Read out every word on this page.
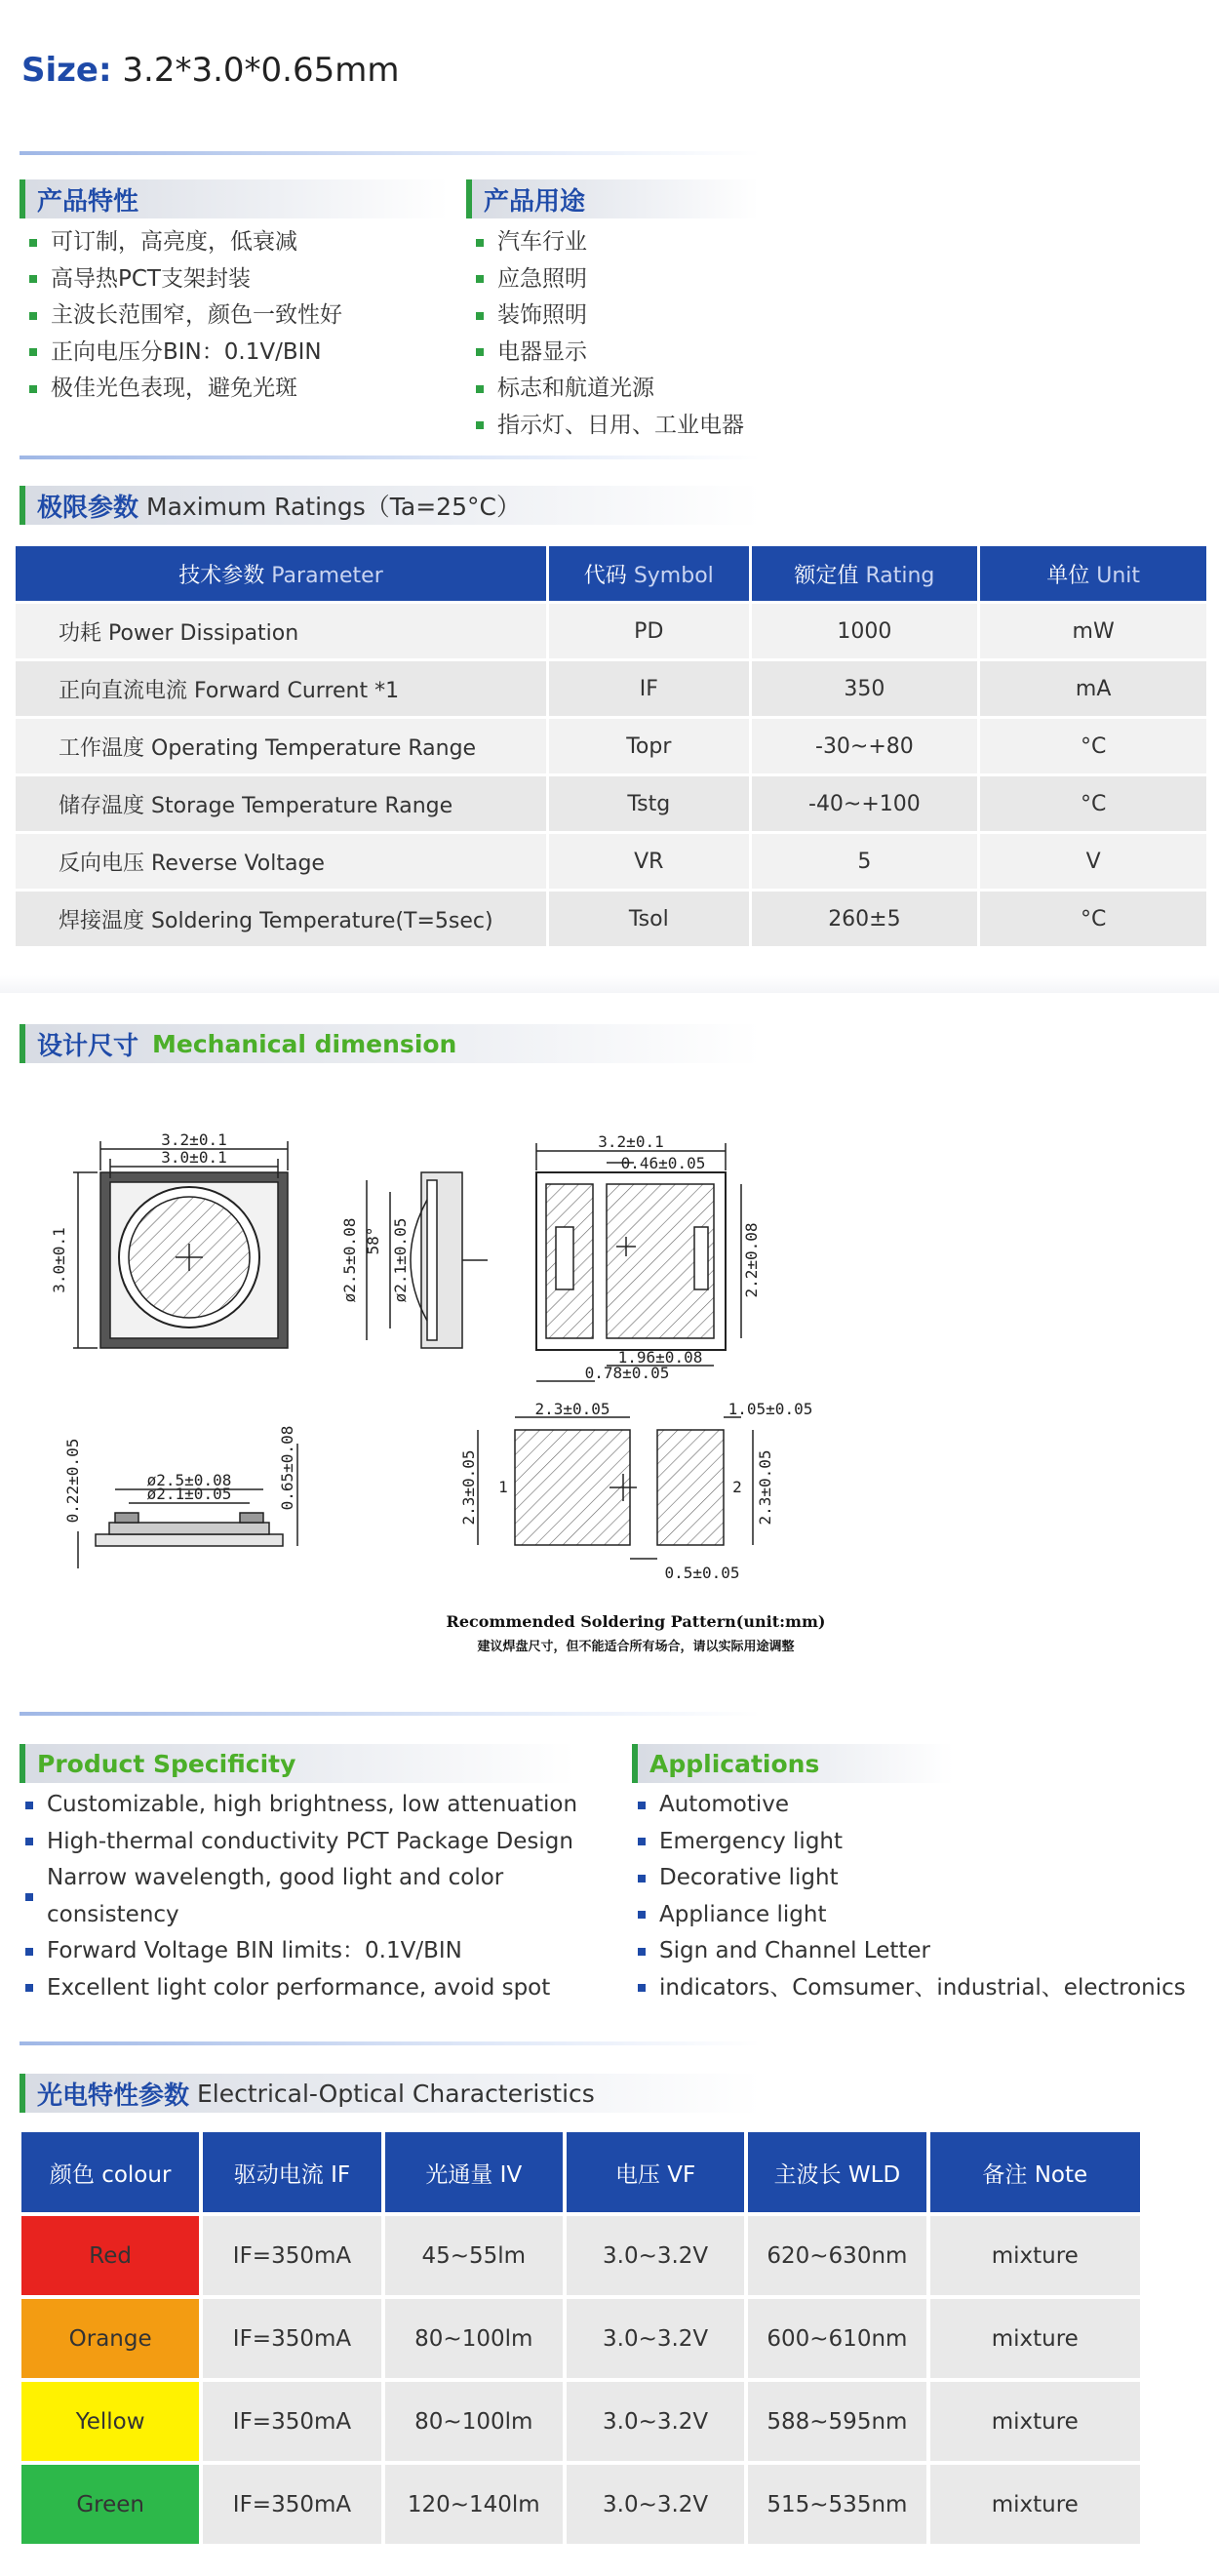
Size: 3.2*3.0*0.65mm
产品特性
可订制，高亮度，低衰减
高导热PCT支架封装
主波长范围窄，颜色一致性好
正向电压分BIN：0.1V/BIN
极佳光色表现，避免光斑
产品用途
汽车行业
应急照明
装饰照明
电器显示
标志和航道光源
指示灯、日用、工业电器
极限参数 Maximum Ratings（Ta=25°C）
技术参数 Parameter	代码 Symbol	额定值 Rating	单位 Unit
功耗 Power Dissipation	PD	1000	mW
正向直流电流 Forward Current *1	IF	350	mA
工作温度 Operating Temperature Range	Topr	-30~+80	°C
储存温度 Storage Temperature Range	Tstg	-40~+100	°C
反向电压 Reverse Voltage	VR	5	V
焊接温度 Soldering Temperature(T=5sec)	Tsol	260±5	°C
设计尺寸 Mechanical dimension
3.2±0.1
3.0±0.1
3.0±0.1	ø2.5±0.08 58° ø2.1±0.05
3.2±0.1
0.46±0.05
2.2±0.08
1.96±0.08
0.78±0.05
0.22±0.05	ø2.5±0.08
ø2.1±0.05	0.65±0.08
2.3±0.05	1.05±0.05
2.3±0.05	2.3±0.05
0.5±0.05
1	2
Recommended Soldering Pattern(unit:mm)
建议焊盘尺寸，但不能适合所有场合，请以实际用途调整
Product Specificity
Customizable, high brightness, low attenuation
High-thermal conductivity PCT Package Design
Narrow wavelength, good light and color consistency
Forward Voltage BIN limits：0.1V/BIN
Excellent light color performance, avoid spot
Applications
Automotive
Emergency light
Decorative light
Appliance light
Sign and Channel Letter
indicators、Comsumer、industrial、electronics
光电特性参数 Electrical-Optical Characteristics
颜色 colour	驱动电流 IF	光通量 IV	电压 VF	主波长 WLD	备注 Note
Red	IF=350mA	45~55lm	3.0~3.2V	620~630nm	mixture
Orange	IF=350mA	80~100lm	3.0~3.2V	600~610nm	mixture
Yellow	IF=350mA	80~100lm	3.0~3.2V	588~595nm	mixture
Green	IF=350mA	120~140lm	3.0~3.2V	515~535nm	mixture
